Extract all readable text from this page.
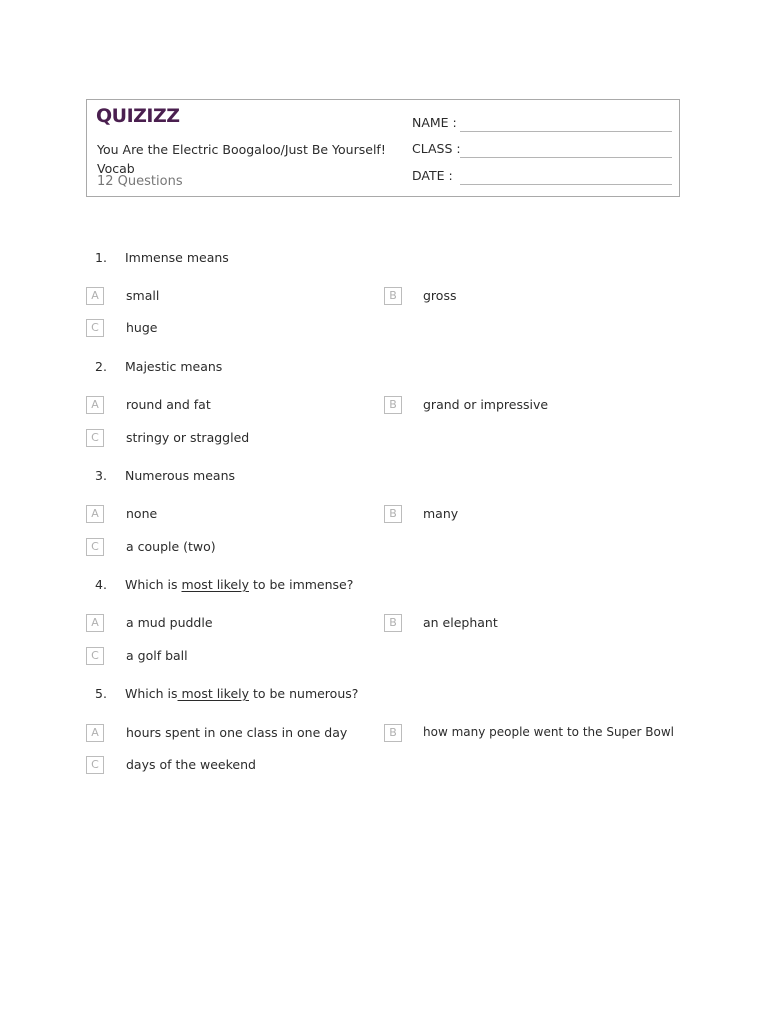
QUIZIZZ
You Are the Electric Boogaloo/Just Be Yourself! Vocab
12 Questions
NAME :
CLASS :
DATE :
1. Immense means
A	small	B	gross
C	huge
2. Majestic means
A	round and fat	B	grand or impressive
C	stringy or straggled
3. Numerous means
A	none	B	many
C	a couple (two)
4. Which is most likely to be immense?
A	a mud puddle	B	an elephant
C	a golf ball
5. Which is most likely to be numerous?
A	hours spent in one class in one day	B	how many people went to the Super Bowl
C	days of the weekend
